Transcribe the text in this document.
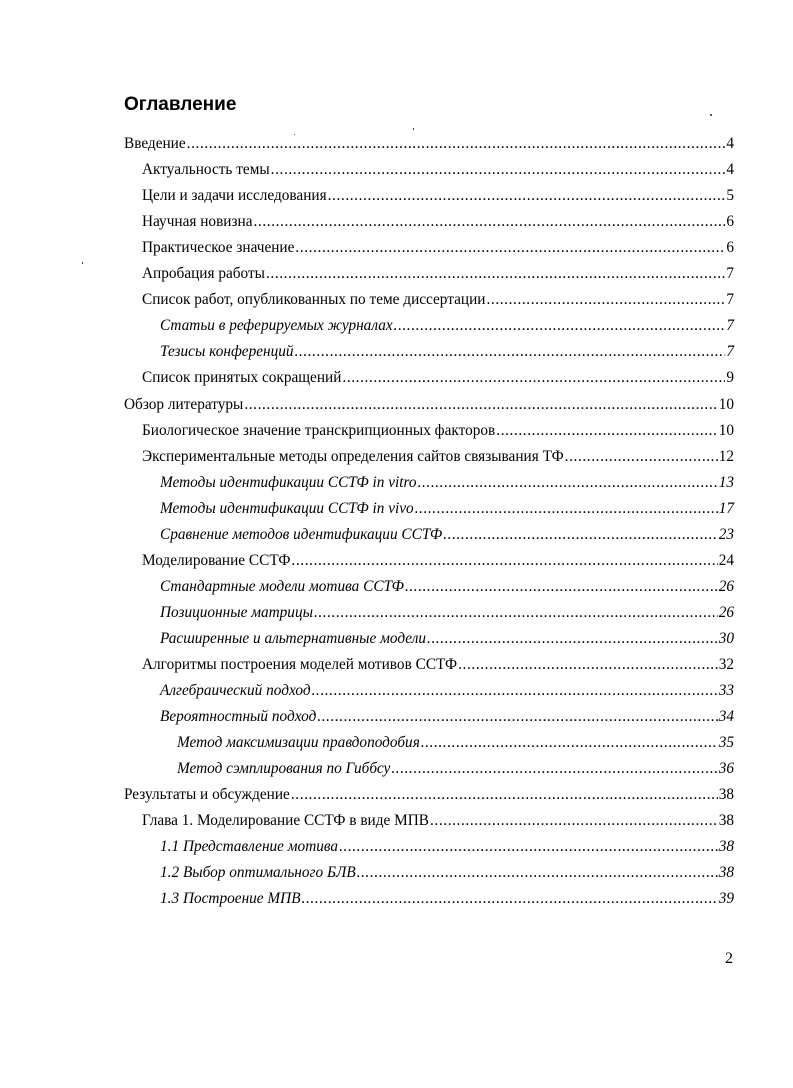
Оглавление
Введение .....	4
Актуальность темы .....	4
Цели и задачи исследования .....	5
Научная новизна .....	6
Практическое значение .....	6
Апробация работы .....	7
Список работ, опубликованных по теме диссертации .....	7
Статьи в реферируемых журналах .....	7
Тезисы конференций .....	7
Список принятых сокращений .....	9
Обзор литературы .....	10
Биологическое значение транскрипционных факторов .....	10
Экспериментальные методы определения сайтов связывания ТФ .....	12
Методы идентификации ССТФ in vitro .....	13
Методы идентификации ССТФ in vivo .....	17
Сравнение методов идентификации ССТФ .....	23
Моделирование ССТФ .....	24
Стандартные модели мотива ССТФ .....	26
Позиционные матрицы .....	26
Расширенные и альтернативные модели .....	30
Алгоритмы построения моделей мотивов ССТФ .....	32
Алгебраический подход .....	33
Вероятностный подход .....	34
Метод максимизации правдоподобия .....	35
Метод сэмплирования по Гиббсу .....	36
Результаты и обсуждение .....	38
Глава 1. Моделирование ССТФ в виде МПВ .....	38
1.1 Представление мотива .....	38
1.2 Выбор оптимального БЛВ .....	38
1.3 Построение МПВ .....	39
2
